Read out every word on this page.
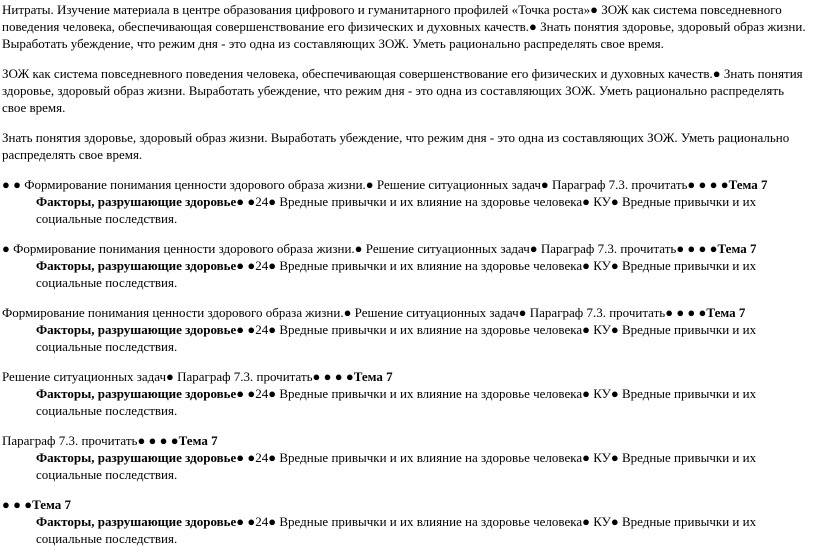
Нитраты. Изучение материала в центре образования цифрового и гуманитарного профилей «Точка роста»● ЗОЖ как система повседневного поведения человека, обеспечивающая совершенствование его физических и духовных качеств.● Знать понятия здоровье, здоровый образ жизни. Выработать убеждение, что режим дня - это одна из составляющих ЗОЖ. Уметь рационально распределять свое время.

ЗОЖ как система повседневного поведения человека, обеспечивающая совершенствование его физических и духовных качеств.● Знать понятия здоровье, здоровый образ жизни. Выработать убеждение, что режим дня - это одна из составляющих ЗОЖ. Уметь рационально распределять свое время.

Знать понятия здоровье, здоровый образ жизни. Выработать убеждение, что режим дня - это одна из составляющих ЗОЖ. Уметь рационально распределять свое время.

● ● Формирование понимания ценности здорового образа жизни.● Решение ситуационных задач● Параграф 7.3. прочитать● ● ● ●Тема 7
Факторы, разрушающие здоровье● ●24● Вредные привычки и их влияние на здоровье человека● КУ● Вредные привычки и их социальные последствия.
● Формирование понимания ценности здорового образа жизни.● Решение ситуационных задач● Параграф 7.3. прочитать● ● ● ●Тема 7
Факторы, разрушающие здоровье● ●24● Вредные привычки и их влияние на здоровье человека● КУ● Вредные привычки и их социальные последствия.
Формирование понимания ценности здорового образа жизни.● Решение ситуационных задач● Параграф 7.3. прочитать● ● ● ●Тема 7
Факторы, разрушающие здоровье● ●24● Вредные привычки и их влияние на здоровье человека● КУ● Вредные привычки и их социальные последствия.
Решение ситуационных задач● Параграф 7.3. прочитать● ● ● ●Тема 7
Факторы, разрушающие здоровье● ●24● Вредные привычки и их влияние на здоровье человека● КУ● Вредные привычки и их социальные последствия.
Параграф 7.3. прочитать● ● ● ●Тема 7
Факторы, разрушающие здоровье● ●24● Вредные привычки и их влияние на здоровье человека● КУ● Вредные привычки и их социальные последствия.
● ● ●Тема 7
Факторы, разрушающие здоровье● ●24● Вредные привычки и их влияние на здоровье человека● КУ● Вредные привычки и их социальные последствия.
